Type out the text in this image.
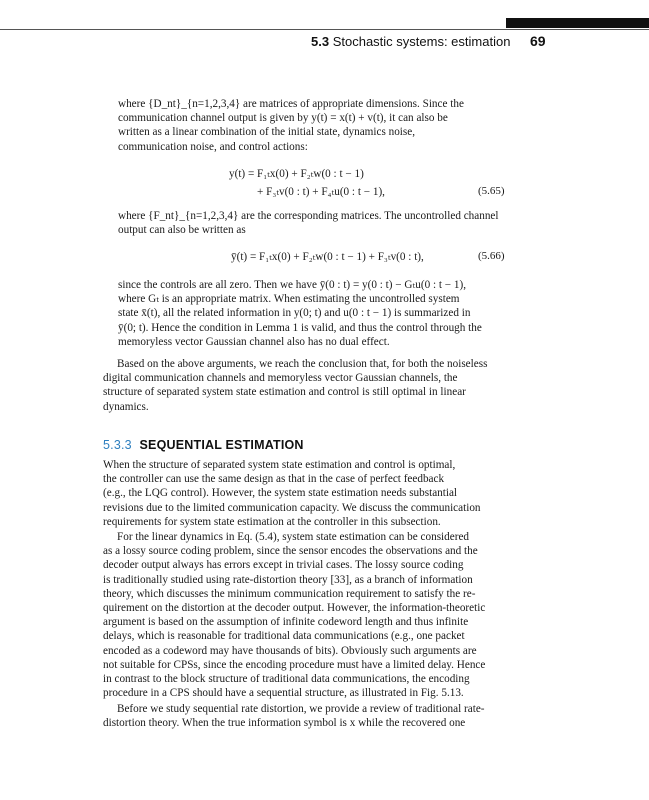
5.3 Stochastic systems: estimation 69
where {D_nt}_{n=1,2,3,4} are matrices of appropriate dimensions. Since the
communication channel output is given by y(t) = x(t) + v(t), it can also be
written as a linear combination of the initial state, dynamics noise,
communication noise, and control actions:
y(t) = F₁ₜx(0) + F₂ₜw(0 : t − 1)
+ F₃ₜv(0 : t) + F₄ₜu(0 : t − 1),	(5.65)
where {F_nt}_{n=1,2,3,4} are the corresponding matrices. The uncontrolled channel
output can also be written as
ȳ(t) = F₁ₜx(0) + F₂ₜw(0 : t − 1) + F₃ₜv(0 : t),	(5.66)
since the controls are all zero. Then we have ȳ(0 : t) = y(0 : t) − Gₜu(0 : t − 1),
where Gₜ is an appropriate matrix. When estimating the uncontrolled system
state x̄(t), all the related information in y(0; t) and u(0 : t − 1) is summarized in
ȳ(0; t). Hence the condition in Lemma 1 is valid, and thus the control through the
memoryless vector Gaussian channel also has no dual effect.
Based on the above arguments, we reach the conclusion that, for both the noiseless
digital communication channels and memoryless vector Gaussian channels, the
structure of separated system state estimation and control is still optimal in linear
dynamics.
5.3.3 SEQUENTIAL ESTIMATION
When the structure of separated system state estimation and control is optimal,
the controller can use the same design as that in the case of perfect feedback
(e.g., the LQG control). However, the system state estimation needs substantial
revisions due to the limited communication capacity. We discuss the communication
requirements for system state estimation at the controller in this subsection.
For the linear dynamics in Eq. (5.4), system state estimation can be considered
as a lossy source coding problem, since the sensor encodes the observations and the
decoder output always has errors except in trivial cases. The lossy source coding
is traditionally studied using rate-distortion theory [33], as a branch of information
theory, which discusses the minimum communication requirement to satisfy the re-
quirement on the distortion at the decoder output. However, the information-theoretic
argument is based on the assumption of infinite codeword length and thus infinite
delays, which is reasonable for traditional data communications (e.g., one packet
encoded as a codeword may have thousands of bits). Obviously such arguments are
not suitable for CPSs, since the encoding procedure must have a limited delay. Hence
in contrast to the block structure of traditional data communications, the encoding
procedure in a CPS should have a sequential structure, as illustrated in Fig. 5.13.
Before we study sequential rate distortion, we provide a review of traditional rate-
distortion theory. When the true information symbol is x while the recovered one
